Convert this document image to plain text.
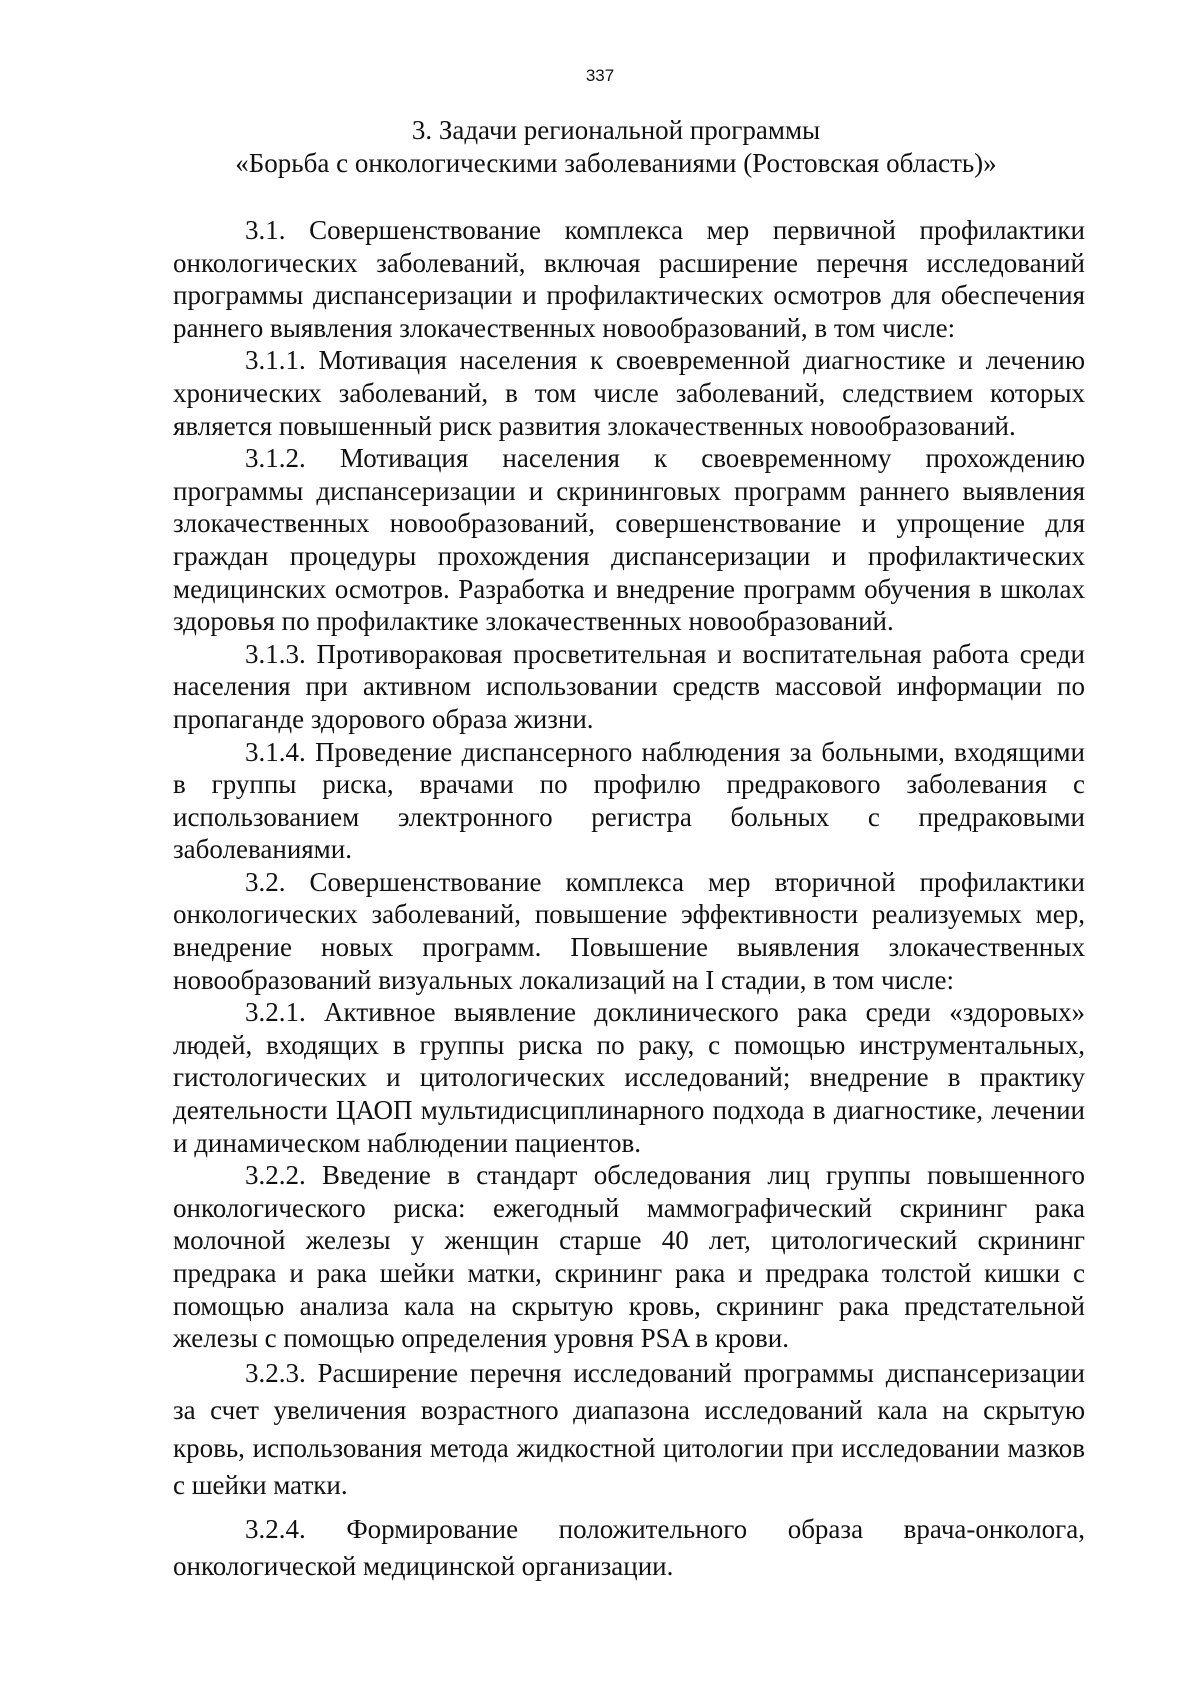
337
3. Задачи региональной программы
«Борьба с онкологическими заболеваниями (Ростовская область)»

3.1. Совершенствование комплекса мер первичной профилактики онкологических заболеваний, включая расширение перечня исследований программы диспансеризации и профилактических осмотров для обеспечения раннего выявления злокачественных новообразований, в том числе:

3.1.1. Мотивация населения к своевременной диагностике и лечению хронических заболеваний, в том числе заболеваний, следствием которых является повышенный риск развития злокачественных новообразований.

3.1.2. Мотивация населения к своевременному прохождению программы диспансеризации и скрининговых программ раннего выявления злокачественных новообразований, совершенствование и упрощение для граждан процедуры прохождения диспансеризации и профилактических медицинских осмотров. Разработка и внедрение программ обучения в школах здоровья по профилактике злокачественных новообразований.

3.1.3. Противораковая просветительная и воспитательная работа среди населения при активном использовании средств массовой информации по пропаганде здорового образа жизни.

3.1.4. Проведение диспансерного наблюдения за больными, входящими в группы риска, врачами по профилю предракового заболевания с использованием электронного регистра больных с предраковыми заболеваниями.

3.2. Совершенствование комплекса мер вторичной профилактики онкологических заболеваний, повышение эффективности реализуемых мер, внедрение новых программ. Повышение выявления злокачественных новообразований визуальных локализаций на I стадии, в том числе:

3.2.1. Активное выявление доклинического рака среди «здоровых» людей, входящих в группы риска по раку, с помощью инструментальных, гистологических и цитологических исследований; внедрение в практику деятельности ЦАОП мультидисциплинарного подхода в диагностике, лечении и динамическом наблюдении пациентов.

3.2.2. Введение в стандарт обследования лиц группы повышенного онкологического риска: ежегодный маммографический скрининг рака молочной железы у женщин старше 40 лет, цитологический скрининг предрака и рака шейки матки, скрининг рака и предрака толстой кишки с помощью анализа кала на скрытую кровь, скрининг рака предстательной железы с помощью определения уровня PSA в крови.

3.2.3. Расширение перечня исследований программы диспансеризации за счет увеличения возрастного диапазона исследований кала на скрытую кровь, использования метода жидкостной цитологии при исследовании мазков с шейки матки.

3.2.4. Формирование положительного образа врача-онколога, онкологической медицинской организации.
